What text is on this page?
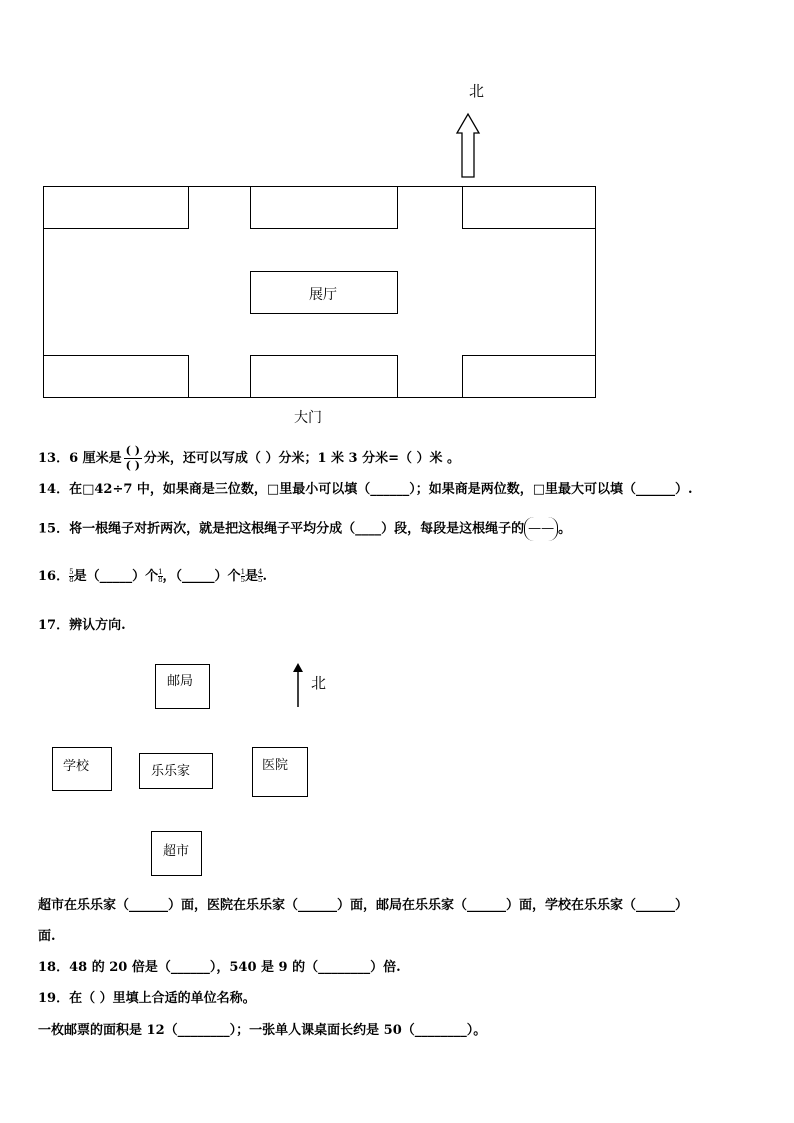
北
展厅
大门
13．6 厘米是 $\frac{( )}{( )}$ 分米，还可以写成（ ）分米；1 米 3 分米=（ ）米 。
14．在□42÷7 中，如果商是三位数，□里最小可以填（______）；如果商是两位数，□里最大可以填（______）.
15．将一根绳子对折两次，就是把这根绳子平均分成（____）段，每段是这根绳子的 —— 。
16． $\frac{5}{8}$ 是（_____）个 $\frac{1}{8}$ ，（_____）个 $\frac{1}{5}$ 是 $\frac{4}{5}$ .
17．辨认方向.
邮局	北
学校	乐乐家	医院
超市
超市在乐乐家（______）面，医院在乐乐家（______）面，邮局在乐乐家（______）面，学校在乐乐家（______）
面.
18．48 的 20 倍是（______），540 是 9 的（________）倍.
19．在（ ）里填上合适的单位名称。
一枚邮票的面积是 12（________）；一张单人课桌面长约是 50（________）。
